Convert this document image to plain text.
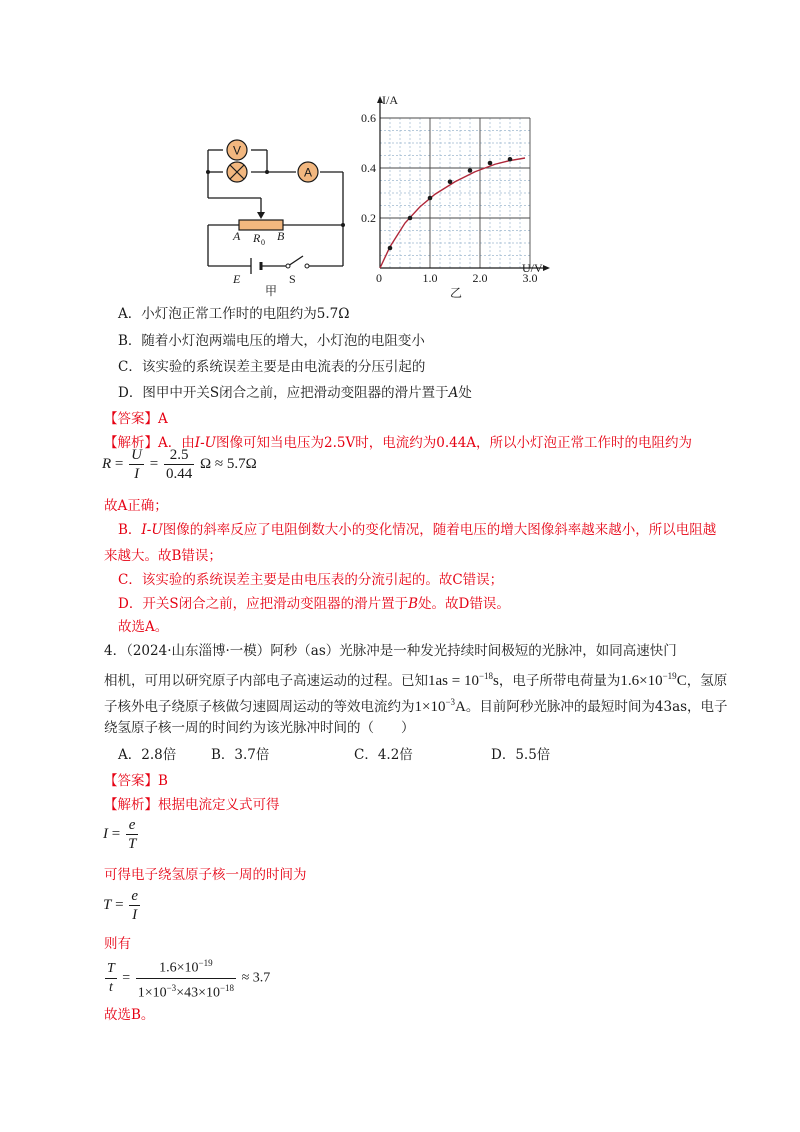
V
A
A R 0 B
E	S
甲
1.0	2.0	3.0
0.2
0.4
0.6
I/A
U/V
0
乙
A．小灯泡正常工作时的电阻约为5.7Ω
B．随着小灯泡两端电压的增大，小灯泡的电阻变小
C．该实验的系统误差主要是由电流表的分压引起的
D．图甲中开关S闭合之前，应把滑动变阻器的滑片置于A处
【答案】A
【解析】A．由I-U图像可知当电压为2.5V时，电流约为0.44A，所以小灯泡正常工作时的电阻约为
$R = \frac{U}{I} = \frac{2.5}{0.44}$ Ω ≈ 5.7Ω
故A正确；
B．I-U图像的斜率反应了电阻倒数大小的变化情况，随着电压的增大图像斜率越来越小，所以电阻越
来越大。故B错误；
C．该实验的系统误差主要是由电压表的分流引起的。故C错误；
D．开关S闭合之前，应把滑动变阻器的滑片置于B处。故D错误。
故选A。
4．（2024·山东淄博·一模）阿秒（as）光脉冲是一种发光持续时间极短的光脉冲，如同高速快门
相机，可用以研究原子内部电子高速运动的过程。已知$1as = 10^{-18}s$，电子所带电荷量为$1.6\times 10^{-19}C$，氢原
子核外电子绕原子核做匀速圆周运动的等效电流约为$1\times 10^{-3}A$。目前阿秒光脉冲的最短时间为43as，电子
绕氢原子核一周的时间约为该光脉冲时间的（　　）
A．2.8倍	B．3.7倍	C．4.2倍	D．5.5倍
【答案】B
【解析】根据电流定义式可得
$I = \frac{e}{T}$
可得电子绕氢原子核一周的时间为
$T = \frac{e}{I}$
则有
$\frac{T}{t} = \frac{1.6\times 10^{-19}}{1\times 10^{-3}\times 43\times 10^{-18}} \approx 3.7$
故选B。
